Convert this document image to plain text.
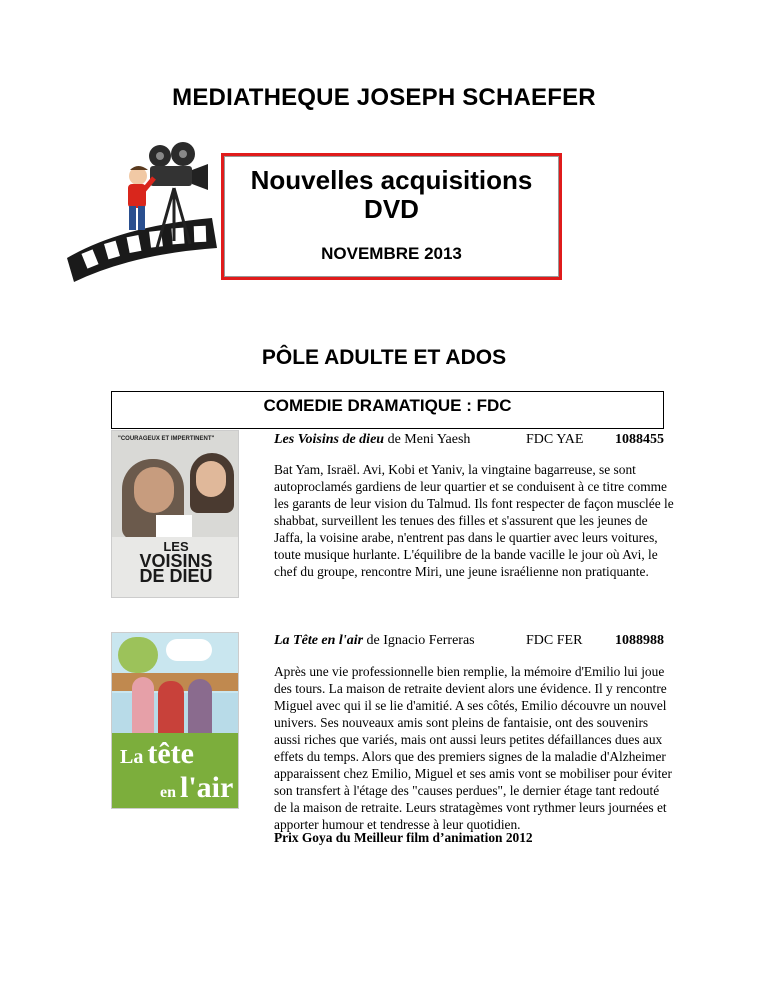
MEDIATHEQUE JOSEPH SCHAEFER
Nouvelles acquisitions
DVD
NOVEMBRE 2013
PÔLE ADULTE ET ADOS
COMEDIE DRAMATIQUE : FDC
"COURAGEUX ET IMPERTINENT"
LES
VOISINS
DE DIEU
Les Voisins de dieu de Meni Yaesh	FDC YAE 1088455
Bat Yam, Israël. Avi, Kobi et Yaniv, la vingtaine bagarreuse, se sont autoproclamés gardiens de leur quartier et se conduisent à ce titre comme les garants de leur vision du Talmud. Ils font respecter de façon musclée le shabbat, surveillent les tenues des filles et s'assurent que les jeunes de Jaffa, la voisine arabe, n'entrent pas dans le quartier avec leurs voitures, toute musique hurlante. L'équilibre de la bande vacille le jour où Avi, le chef du groupe, rencontre Miri, une jeune israélienne non pratiquante.
La tête
en l'air
La Tête en l'air de Ignacio Ferreras	FDC FER 1088988
Après une vie professionnelle bien remplie, la mémoire d'Emilio lui joue des tours. La maison de retraite devient alors une évidence. Il y rencontre Miguel avec qui il se lie d'amitié. A ses côtés, Emilio découvre un nouvel univers. Ses nouveaux amis sont pleins de fantaisie, ont des souvenirs aussi riches que variés, mais ont aussi leurs petites défaillances dues aux effets du temps. Alors que des premiers signes de la maladie d'Alzheimer apparaissent chez Emilio, Miguel et ses amis vont se mobiliser pour éviter son transfert à l'étage des "causes perdues", le dernier étage tant redouté de la maison de retraite. Leurs stratagèmes vont rythmer leurs journées et apporter humour et tendresse à leur quotidien.
Prix Goya du Meilleur film d’animation 2012
